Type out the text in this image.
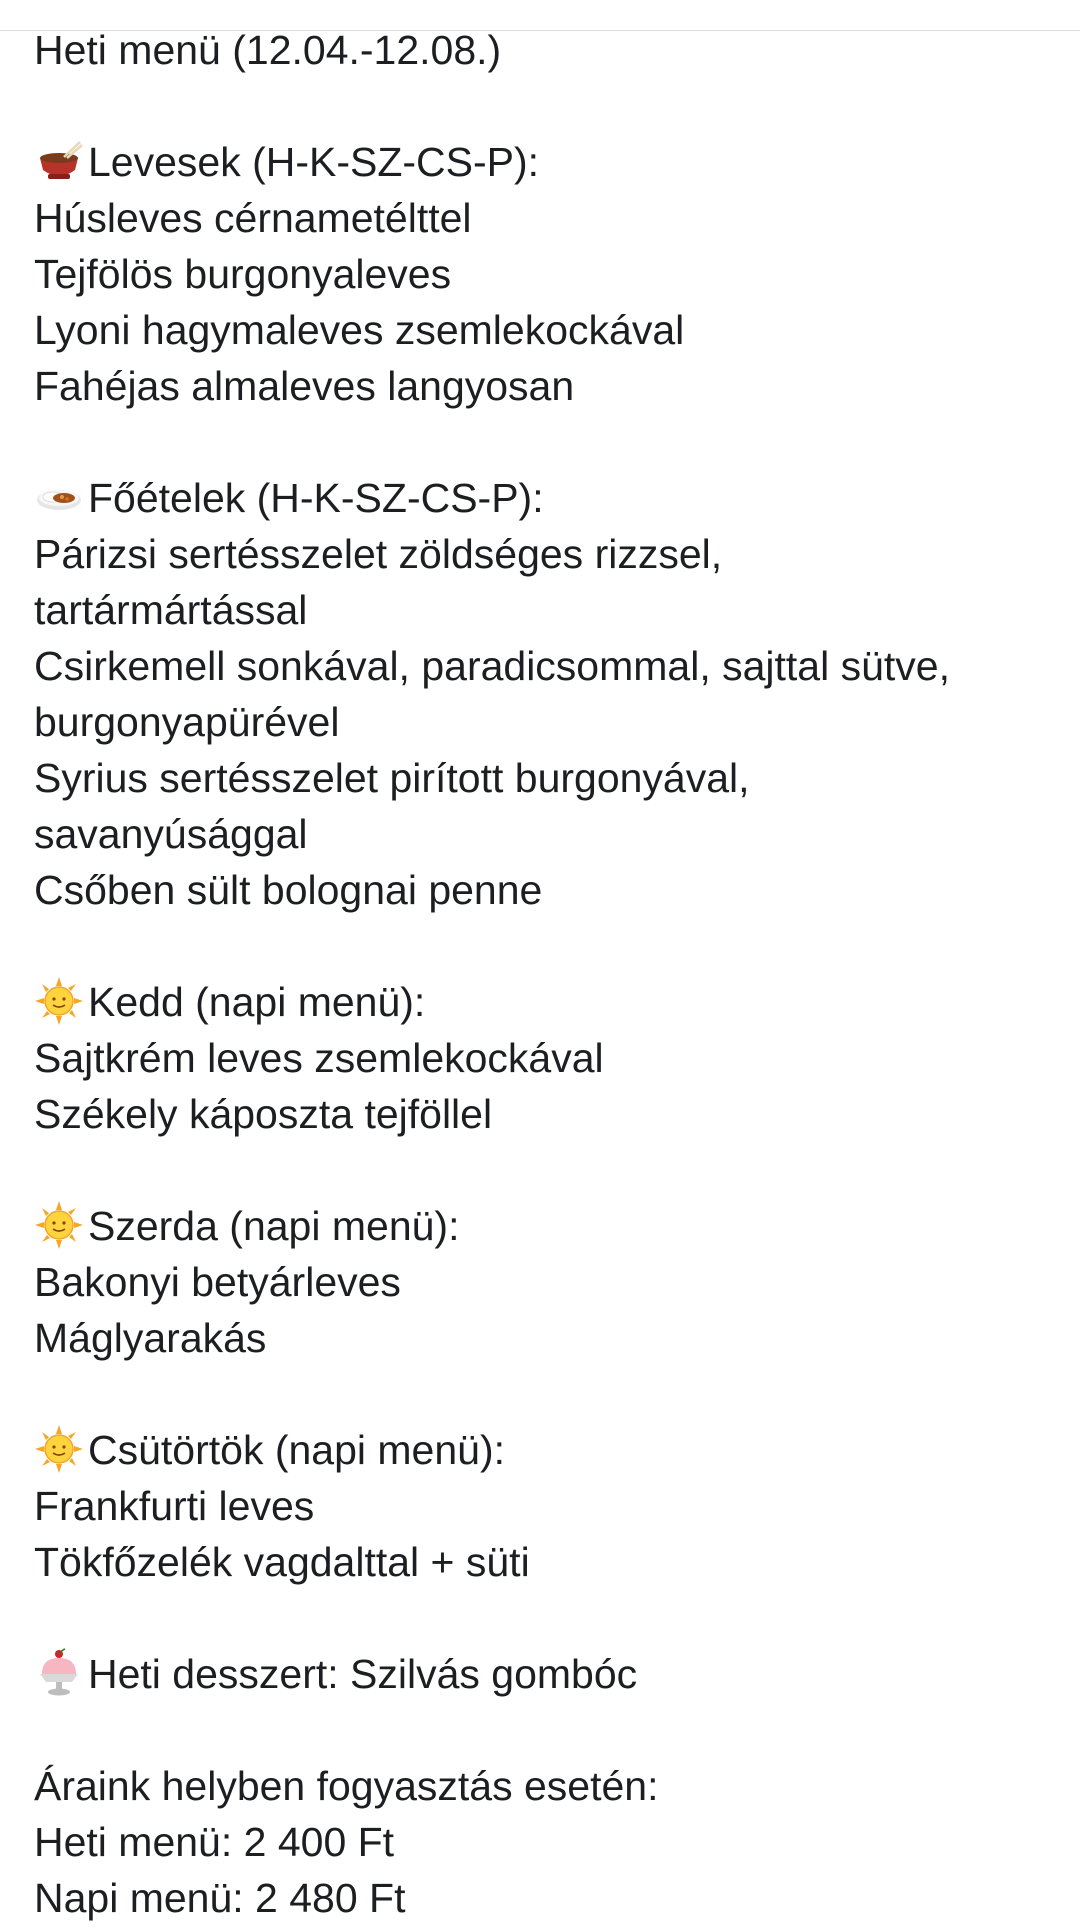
Heti menü (12.04.-12.08.)
Levesek (H-K-SZ-CS-P):
Húsleves cérnametélttel
Tejfölös burgonyaleves
Lyoni hagymaleves zsemlekockával
Fahéjas almaleves langyosan
Főételek (H-K-SZ-CS-P):
Párizsi sertésszelet zöldséges rizzsel,
tartármártással
Csirkemell sonkával, paradicsommal, sajttal sütve,
burgonyapürével
Syrius sertésszelet pirított burgonyával,
savanyúsággal
Csőben sült bolognai penne
Kedd (napi menü):
Sajtkrém leves zsemlekockával
Székely káposzta tejföllel
Szerda (napi menü):
Bakonyi betyárleves
Máglyarakás
Csütörtök (napi menü):
Frankfurti leves
Tökfőzelék vagdalttal + süti
Heti desszert: Szilvás gombóc
Áraink helyben fogyasztás esetén:
Heti menü: 2 400 Ft
Napi menü: 2 480 Ft
